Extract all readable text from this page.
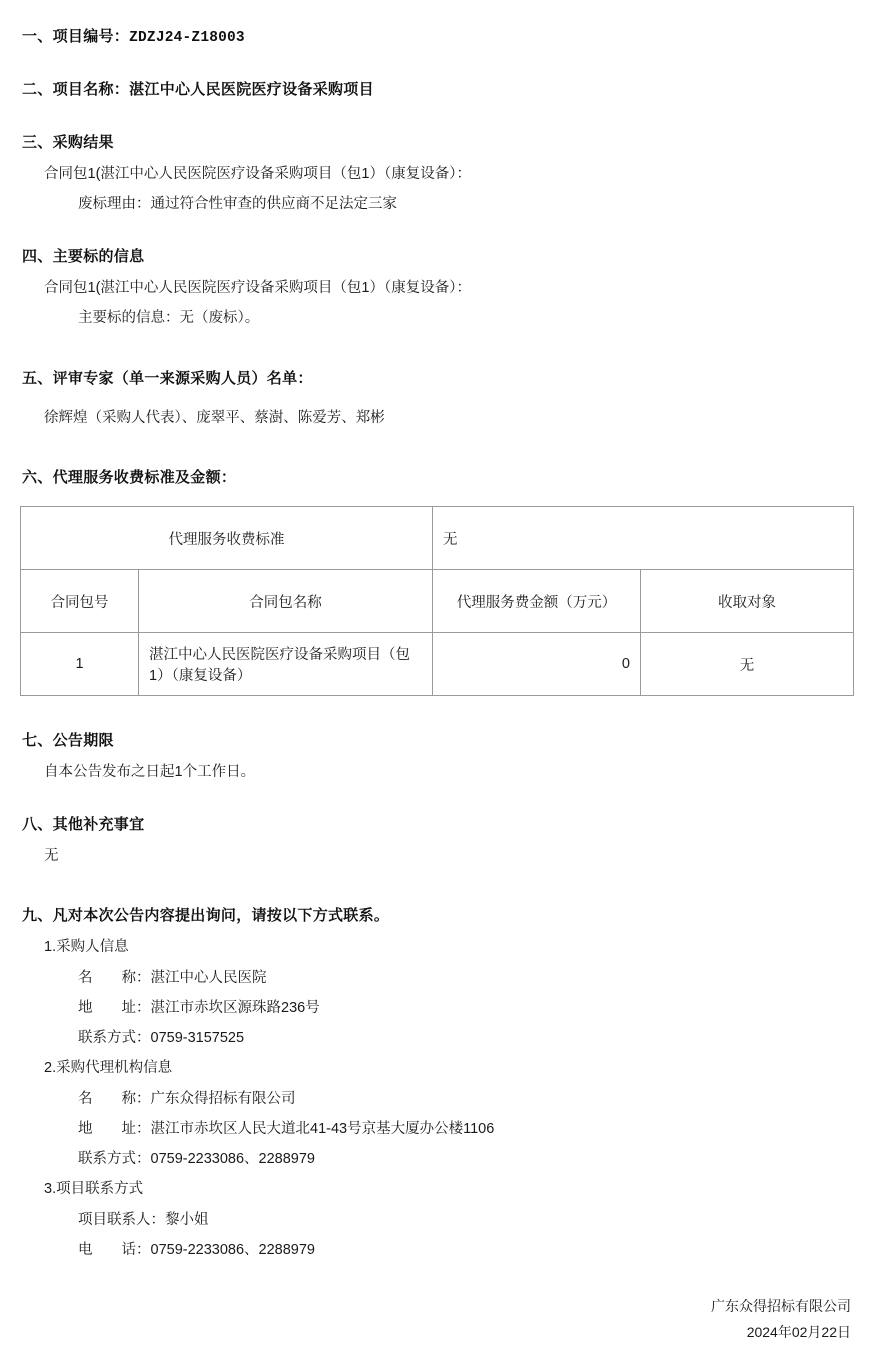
一、项目编号：ZDZJ24-Z18003
二、项目名称：湛江中心人民医院医疗设备采购项目
三、采购结果
合同包1(湛江中心人民医院医疗设备采购项目（包1）（康复设备）：
废标理由：通过符合性审查的供应商不足法定三家
四、主要标的信息
合同包1(湛江中心人民医院医疗设备采购项目（包1）（康复设备）：
主要标的信息：无（废标）。
五、评审专家（单一来源采购人员）名单：
徐辉煌（采购人代表）、庞翠平、蔡澍、陈爱芳、郑彬
六、代理服务收费标准及金额：
代理服务收费标准		无	
合同包号	合同包名称	代理服务费金额（万元）	收取对象
1	湛江中心人民医院医疗设备采购项目（包1）（康复设备）	0	无
七、公告期限
自本公告发布之日起1个工作日。
八、其他补充事宜
无
九、凡对本次公告内容提出询问，请按以下方式联系。
1.采购人信息
名　　称：湛江中心人民医院
地　　址：湛江市赤坎区源珠路236号
联系方式：0759-3157525
2.采购代理机构信息
名　　称：广东众得招标有限公司
地　　址：湛江市赤坎区人民大道北41-43号京基大厦办公楼1106
联系方式：0759-2233086、2288979
3.项目联系方式
项目联系人：黎小姐
电　　话：0759-2233086、2288979
广东众得招标有限公司
2024年02月22日
